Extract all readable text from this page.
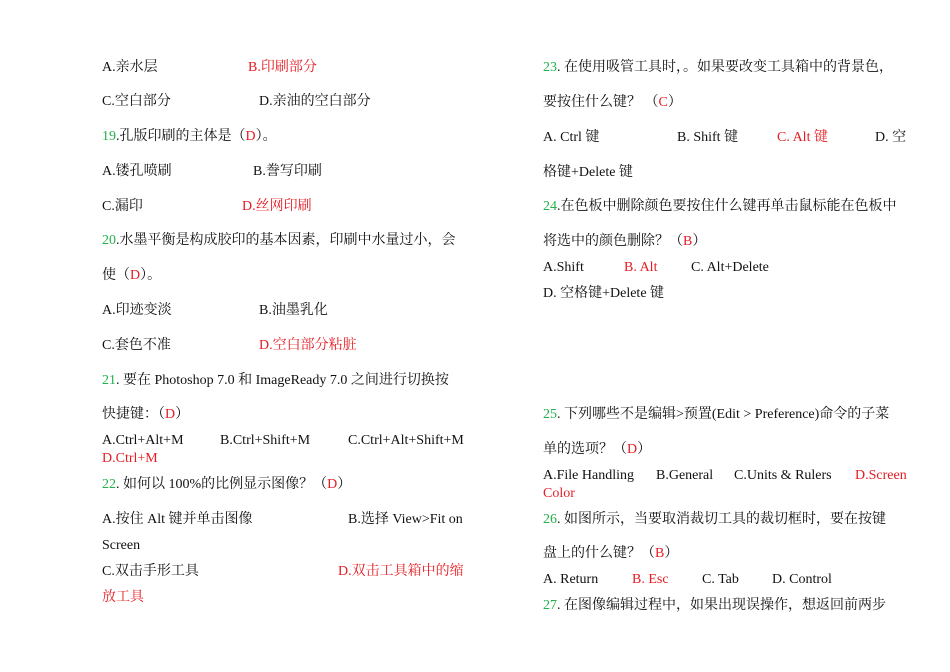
A.亲水层	B.印刷部分
C.空白部分	D.亲油的空白部分
19.孔版印刷的主体是（D）。
A.镂孔喷刷	B.誊写印刷
C.漏印	D.丝网印刷
20.水墨平衡是构成胶印的基本因素，印刷中水量过小，会
使（D）。
A.印迹变淡	B.油墨乳化
C.套色不准	D.空白部分粘脏
21. 要在 Photoshop 7.0 和 ImageReady 7.0 之间进行切换按
快捷键：（D）
A.Ctrl+Alt+M	B.Ctrl+Shift+M	C.Ctrl+Alt+Shift+M
D.Ctrl+M
22. 如何以 100%的比例显示图像？（D）
A.按住 Alt 键并单击图像	B.选择 View>Fit on
Screen
C.双击手形工具	D.双击工具箱中的缩
放工具
23. 在使用吸管工具时，。如果要改变工具箱中的背景色，
要按住什么键？ （C）
A. Ctrl 键	B. Shift 键	C. Alt 键	D. 空
格键+Delete 键
24.在色板中删除颜色要按住什么键再单击鼠标能在色板中
将选中的颜色删除？（B）
A.Shift	B. Alt C. Alt+Delete
D. 空格键+Delete 键
25. 下列哪些不是编辑>预置(Edit > Preference)命令的子菜
单的选项？（D）
A.File Handling B.General C.Units & Rulers D.Screen
Color
26. 如图所示，当要取消裁切工具的裁切框时，要在按键
盘上的什么键？（B）
A. Return B. Esc C. Tab D. Control
27. 在图像编辑过程中，如果出现误操作，想返回前两步
